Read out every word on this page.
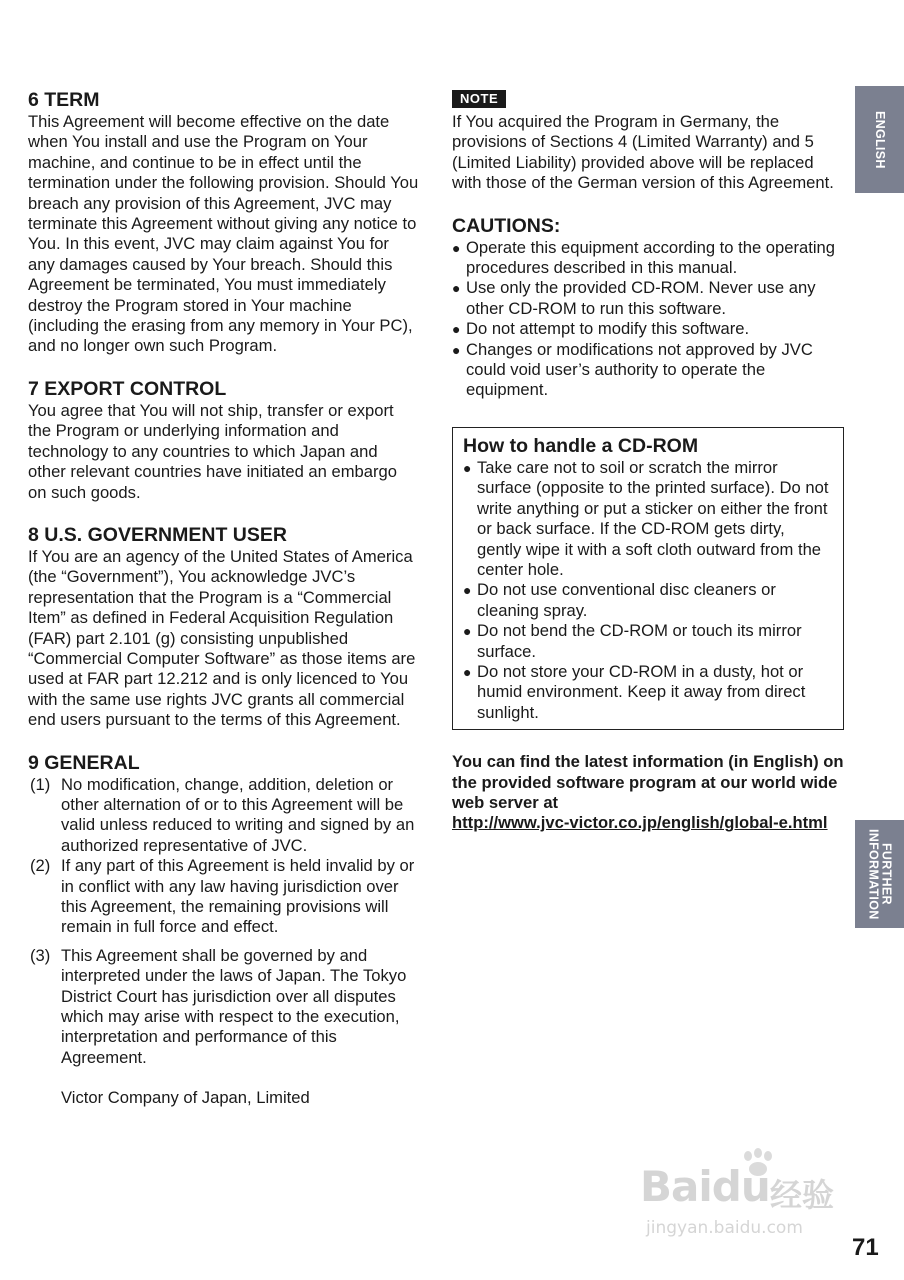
6 TERM

This Agreement will become effective on the date when You install and use the Program on Your machine, and continue to be in effect until the termination under the following provision. Should You breach any provision of this Agreement, JVC may terminate this Agreement without giving any notice to You. In this event, JVC may claim against You for any damages caused by Your breach. Should this Agreement be terminated, You must immediately destroy the Program stored in Your machine (including the erasing from any memory in Your PC), and no longer own such Program.

7 EXPORT CONTROL

You agree that You will not ship, transfer or export the Program or underlying information and technology to any countries to which Japan and other relevant countries have initiated an embargo on such goods.

8 U.S. GOVERNMENT USER

If You are an agency of the United States of America (the “Government”), You acknowledge JVC’s representation that the Program is a “Commercial Item” as defined in Federal Acquisition Regulation (FAR) part 2.101 (g) consisting unpublished “Commercial Computer Software” as those items are used at FAR part 12.212 and is only licenced to You with the same use rights JVC grants all commercial end users pursuant to the terms of this Agreement.

9 GENERAL
(1) No modification, change, addition, deletion or other alternation of or to this Agreement will be valid unless reduced to writing and signed by an authorized representative of JVC.
(2) If any part of this Agreement is held invalid by or in conflict with any law having jurisdiction over this Agreement, the remaining provisions will remain in full force and effect.
(3) This Agreement shall be governed by and interpreted under the laws of Japan. The Tokyo District Court has jurisdiction over all disputes which may arise with respect to the execution, interpretation and performance of this Agreement.

Victor Company of Japan, Limited

NOTE

If You acquired the Program in Germany, the provisions of Sections 4 (Limited Warranty) and 5 (Limited Liability) provided above will be replaced with those of the German version of this Agreement.

CAUTIONS:
● Operate this equipment according to the operating procedures described in this manual.
● Use only the provided CD-ROM. Never use any other CD-ROM to run this software.
● Do not attempt to modify this software.
● Changes or modifications not approved by JVC could void user’s authority to operate the equipment.
How to handle a CD-ROM
● Take care not to soil or scratch the mirror surface (opposite to the printed surface). Do not write anything or put a sticker on either the front or back surface. If the CD-ROM gets dirty, gently wipe it with a soft cloth outward from the center hole.
● Do not use conventional disc cleaners or cleaning spray.
● Do not bend the CD-ROM or touch its mirror surface.
● Do not store your CD-ROM in a dusty, hot or humid environment. Keep it away from direct sunlight.

You can find the latest information (in English) on the provided software program at our world wide web server at

http://www.jvc-victor.co.jp/english/global-e.html

ENGLISH
FURTHER
INFORMATION
Baidu 经验
jingyan.baidu.com
71
